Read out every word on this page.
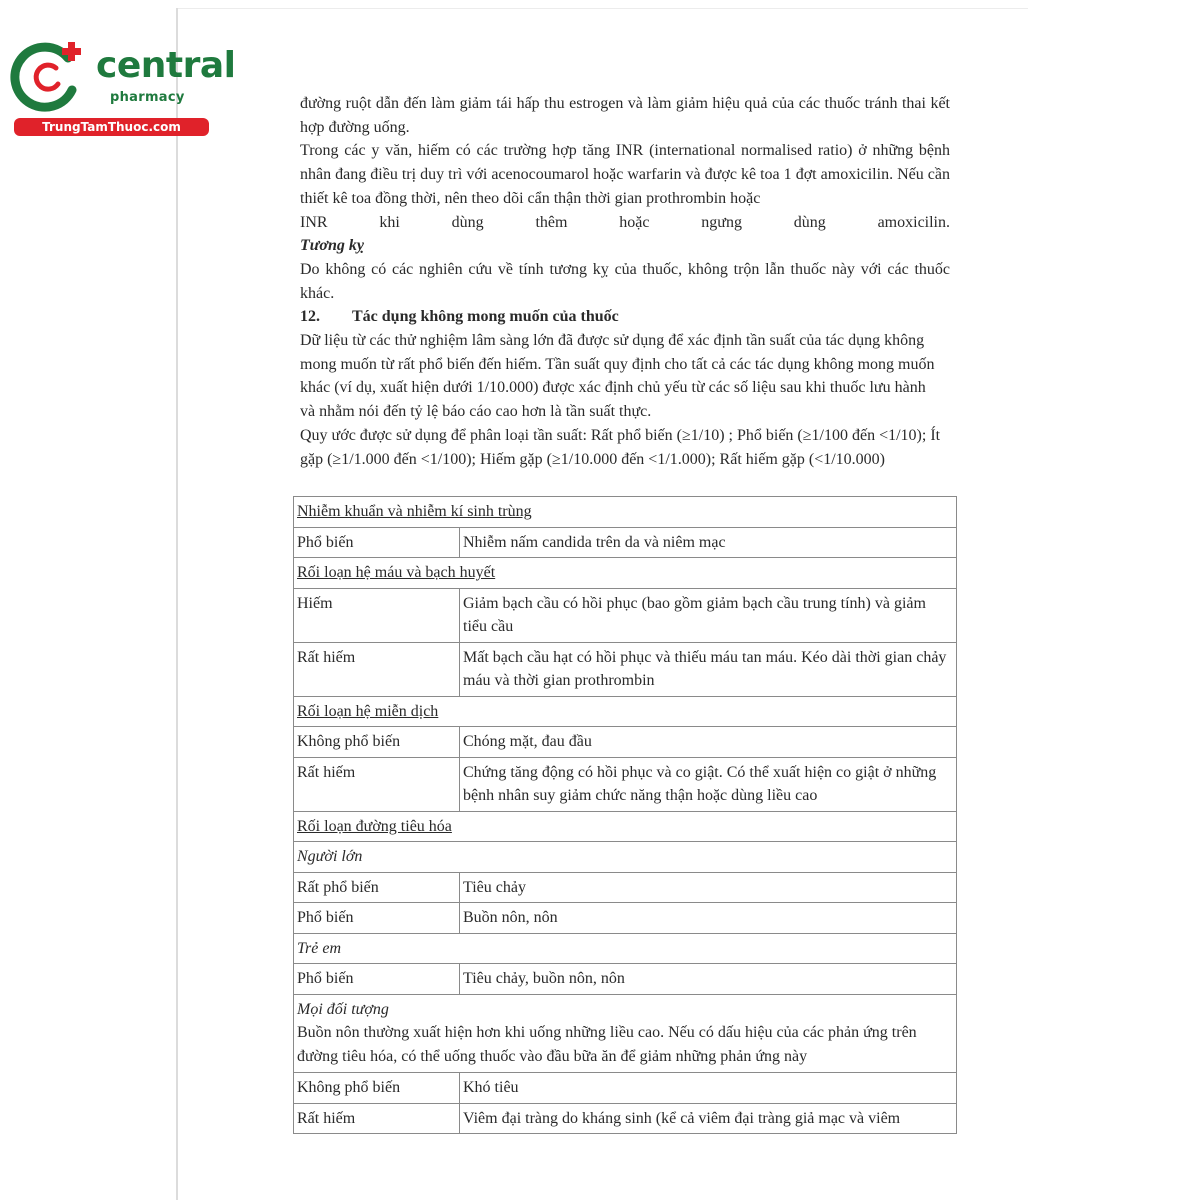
central
pharmacy
TrungTamThuoc.com

đường ruột dẫn đến làm giảm tái hấp thu estrogen và làm giảm hiệu quả của các thuốc tránh thai kết hợp đường uống.

Trong các y văn, hiếm có các trường hợp tăng INR (international normalised ratio) ở những bệnh nhân đang điều trị duy trì với acenocoumarol hoặc warfarin và được kê toa 1 đợt amoxicilin. Nếu cần thiết kê toa đồng thời, nên theo dõi cẩn thận thời gian prothrombin hoặc

INR khi dùng thêm hoặc ngưng dùng amoxicilin.

Tương kỵ

Do không có các nghiên cứu về tính tương kỵ của thuốc, không trộn lẫn thuốc này với các thuốc khác.

12. Tác dụng không mong muốn của thuốc

Dữ liệu từ các thử nghiệm lâm sàng lớn đã được sử dụng để xác định tần suất của tác dụng không mong muốn từ rất phổ biến đến hiếm. Tần suất quy định cho tất cả các tác dụng không mong muốn khác (ví dụ, xuất hiện dưới 1/10.000) được xác định chủ yếu từ các số liệu sau khi thuốc lưu hành và nhằm nói đến tỷ lệ báo cáo cao hơn là tần suất thực.

Quy ước được sử dụng để phân loại tần suất: Rất phổ biến (≥1/10) ; Phổ biến (≥1/100 đến <1/10); Ít gặp (≥1/1.000 đến <1/100); Hiếm gặp (≥1/10.000 đến <1/1.000); Rất hiếm gặp (<1/10.000)

Nhiễm khuẩn và nhiễm kí sinh trùng	
Phổ biến	Nhiễm nấm candida trên da và niêm mạc
Rối loạn hệ máu và bạch huyết	
Hiếm	Giảm bạch cầu có hồi phục (bao gồm giảm bạch cầu trung tính) và giảm tiểu cầu
Rất hiếm	Mất bạch cầu hạt có hồi phục và thiếu máu tan máu. Kéo dài thời gian chảy máu và thời gian prothrombin
Rối loạn hệ miễn dịch	
Không phổ biến	Chóng mặt, đau đầu
Rất hiếm	Chứng tăng động có hồi phục và co giật. Có thể xuất hiện co giật ở những bệnh nhân suy giảm chức năng thận hoặc dùng liều cao
Rối loạn đường tiêu hóa	
Người lớn	
Rất phổ biến	Tiêu chảy
Phổ biến	Buồn nôn, nôn
Trẻ em	
Phổ biến	Tiêu chảy, buồn nôn, nôn

Mọi đối tượng
Buồn nôn thường xuất hiện hơn khi uống những liều cao. Nếu có dấu hiệu của các phản ứng trên đường tiêu hóa, có thể uống thuốc vào đầu bữa ăn để giảm những phản ứng này	

Không phổ biến	Khó tiêu
Rất hiếm	Viêm đại tràng do kháng sinh (kể cả viêm đại tràng giả mạc và viêm
